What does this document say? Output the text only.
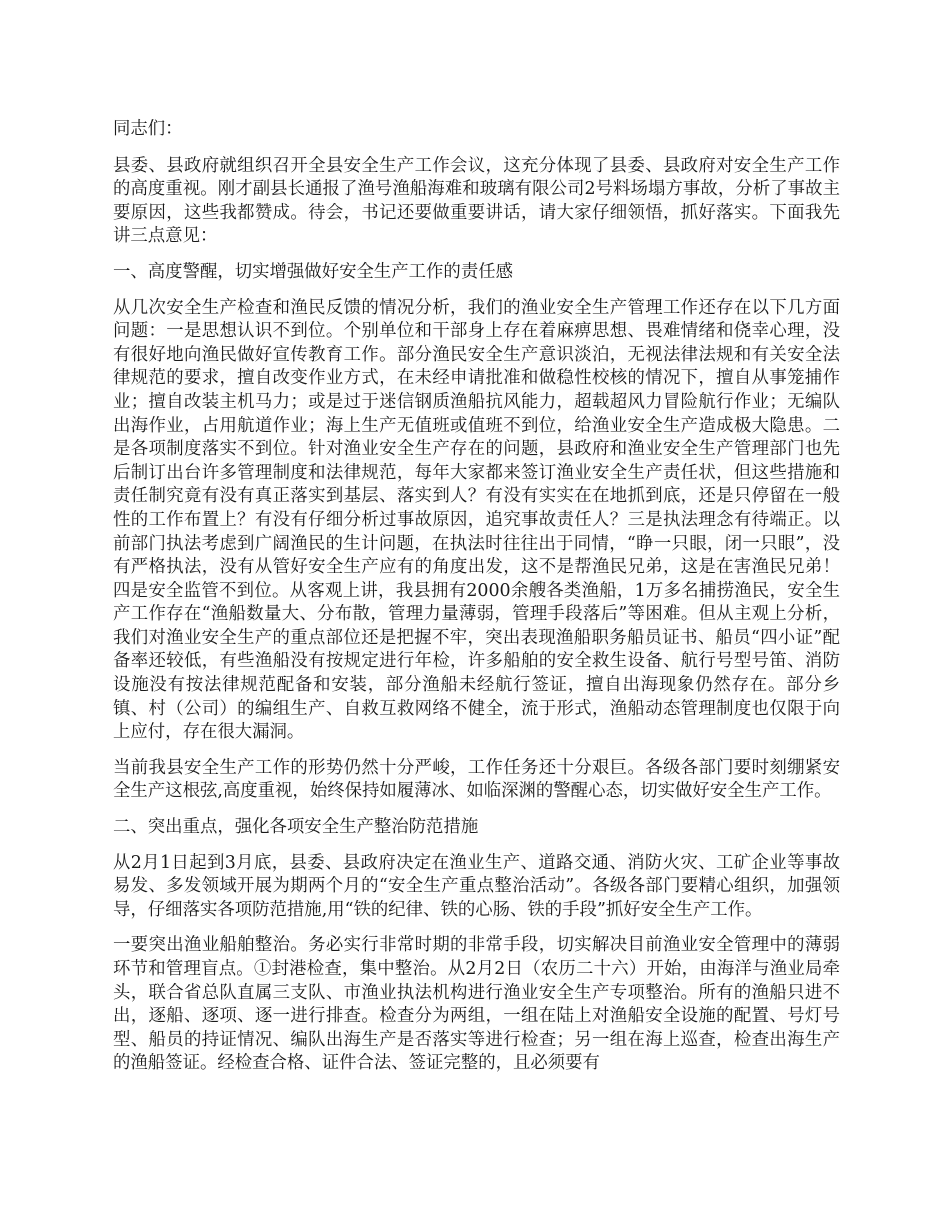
同志们：

县委、县政府就组织召开全县安全生产工作会议，这充分体现了县委、县政府对安全生产工作的高度重视。刚才副县长通报了渔号渔船海难和玻璃有限公司2号料场塌方事故，分析了事故主要原因，这些我都赞成。待会，书记还要做重要讲话，请大家仔细领悟，抓好落实。下面我先讲三点意见：

一、高度警醒，切实增强做好安全生产工作的责任感

从几次安全生产检查和渔民反馈的情况分析，我们的渔业安全生产管理工作还存在以下几方面问题：一是思想认识不到位。个别单位和干部身上存在着麻痹思想、畏难情绪和侥幸心理，没有很好地向渔民做好宣传教育工作。部分渔民安全生产意识淡泊，无视法律法规和有关安全法律规范的要求，擅自改变作业方式，在未经申请批准和做稳性校核的情况下，擅自从事笼捕作业；擅自改装主机马力；或是过于迷信钢质渔船抗风能力，超载超风力冒险航行作业；无编队出海作业，占用航道作业；海上生产无值班或值班不到位，给渔业安全生产造成极大隐患。二是各项制度落实不到位。针对渔业安全生产存在的问题，县政府和渔业安全生产管理部门也先后制订出台许多管理制度和法律规范，每年大家都来签订渔业安全生产责任状，但这些措施和责任制究竟有没有真正落实到基层、落实到人？有没有实实在在地抓到底，还是只停留在一般性的工作布置上？有没有仔细分析过事故原因，追究事故责任人？三是执法理念有待端正。以前部门执法考虑到广阔渔民的生计问题，在执法时往往出于同情，“睁一只眼，闭一只眼”，没有严格执法，没有从管好安全生产应有的角度出发，这不是帮渔民兄弟，这是在害渔民兄弟！四是安全监管不到位。从客观上讲，我县拥有2000余艘各类渔船，1万多名捕捞渔民，安全生产工作存在“渔船数量大、分布散，管理力量薄弱，管理手段落后”等困难。但从主观上分析，我们对渔业安全生产的重点部位还是把握不牢，突出表现渔船职务船员证书、船员“四小证”配备率还较低，有些渔船没有按规定进行年检，许多船舶的安全救生设备、航行号型号笛、消防设施没有按法律规范配备和安装，部分渔船未经航行签证，擅自出海现象仍然存在。部分乡镇、村（公司）的编组生产、自救互救网络不健全，流于形式，渔船动态管理制度也仅限于向上应付，存在很大漏洞。

当前我县安全生产工作的形势仍然十分严峻，工作任务还十分艰巨。各级各部门要时刻绷紧安全生产这根弦,高度重视，始终保持如履薄冰、如临深渊的警醒心态，切实做好安全生产工作。

二、突出重点，强化各项安全生产整治防范措施

从2月1日起到3月底，县委、县政府决定在渔业生产、道路交通、消防火灾、工矿企业等事故易发、多发领域开展为期两个月的“安全生产重点整治活动”。各级各部门要精心组织，加强领导，仔细落实各项防范措施,用“铁的纪律、铁的心肠、铁的手段”抓好安全生产工作。

一要突出渔业船舶整治。务必实行非常时期的非常手段，切实解决目前渔业安全管理中的薄弱环节和管理盲点。①封港检查，集中整治。从2月2日（农历二十六）开始，由海洋与渔业局牵头，联合省总队直属三支队、市渔业执法机构进行渔业安全生产专项整治。所有的渔船只进不出，逐船、逐项、逐一进行排查。检查分为两组，一组在陆上对渔船安全设施的配置、号灯号型、船员的持证情况、编队出海生产是否落实等进行检查；另一组在海上巡查，检查出海生产的渔船签证。经检查合格、证件合法、签证完整的，且必须要有
